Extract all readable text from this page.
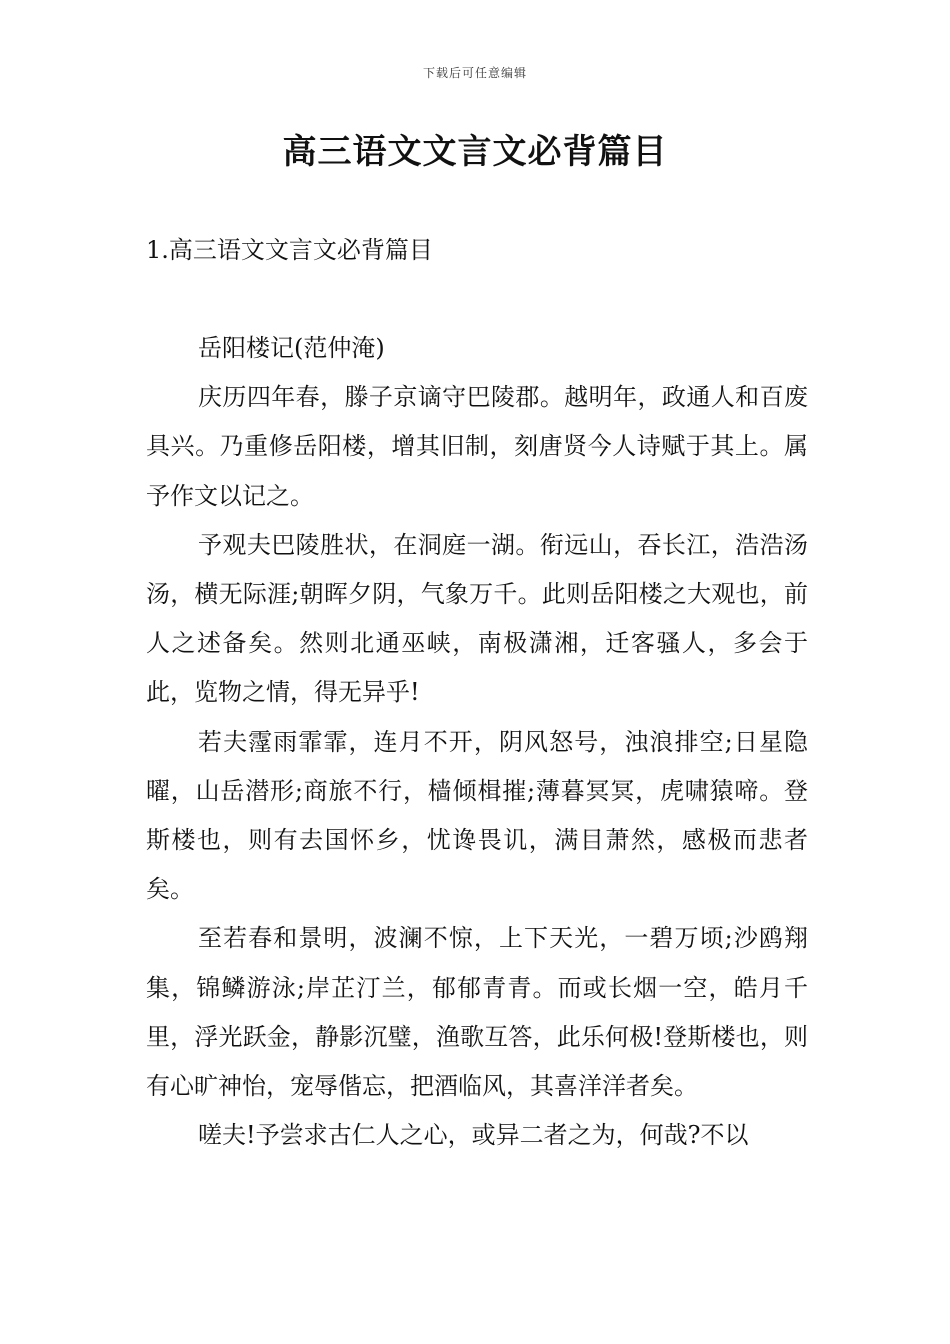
下载后可任意编辑
高三语文文言文必背篇目
1.高三语文文言文必背篇目

岳阳楼记(范仲淹)

庆历四年春，滕子京谪守巴陵郡。越明年，政通人和百废具兴。乃重修岳阳楼，增其旧制，刻唐贤今人诗赋于其上。属予作文以记之。

予观夫巴陵胜状，在洞庭一湖。衔远山，吞长江，浩浩汤汤，横无际涯;朝晖夕阴，气象万千。此则岳阳楼之大观也，前人之述备矣。然则北通巫峡，南极潇湘，迁客骚人，多会于此，览物之情，得无异乎!

若夫霪雨霏霏，连月不开，阴风怒号，浊浪排空;日星隐曜，山岳潜形;商旅不行，樯倾楫摧;薄暮冥冥，虎啸猿啼。登斯楼也，则有去国怀乡，忧谗畏讥，满目萧然，感极而悲者矣。

至若春和景明，波澜不惊，上下天光，一碧万顷;沙鸥翔集，锦鳞游泳;岸芷汀兰，郁郁青青。而或长烟一空，皓月千里，浮光跃金，静影沉璧，渔歌互答，此乐何极!登斯楼也，则有心旷神怡，宠辱偕忘，把酒临风，其喜洋洋者矣。

嗟夫!予尝求古仁人之心，或异二者之为，何哉?不以
